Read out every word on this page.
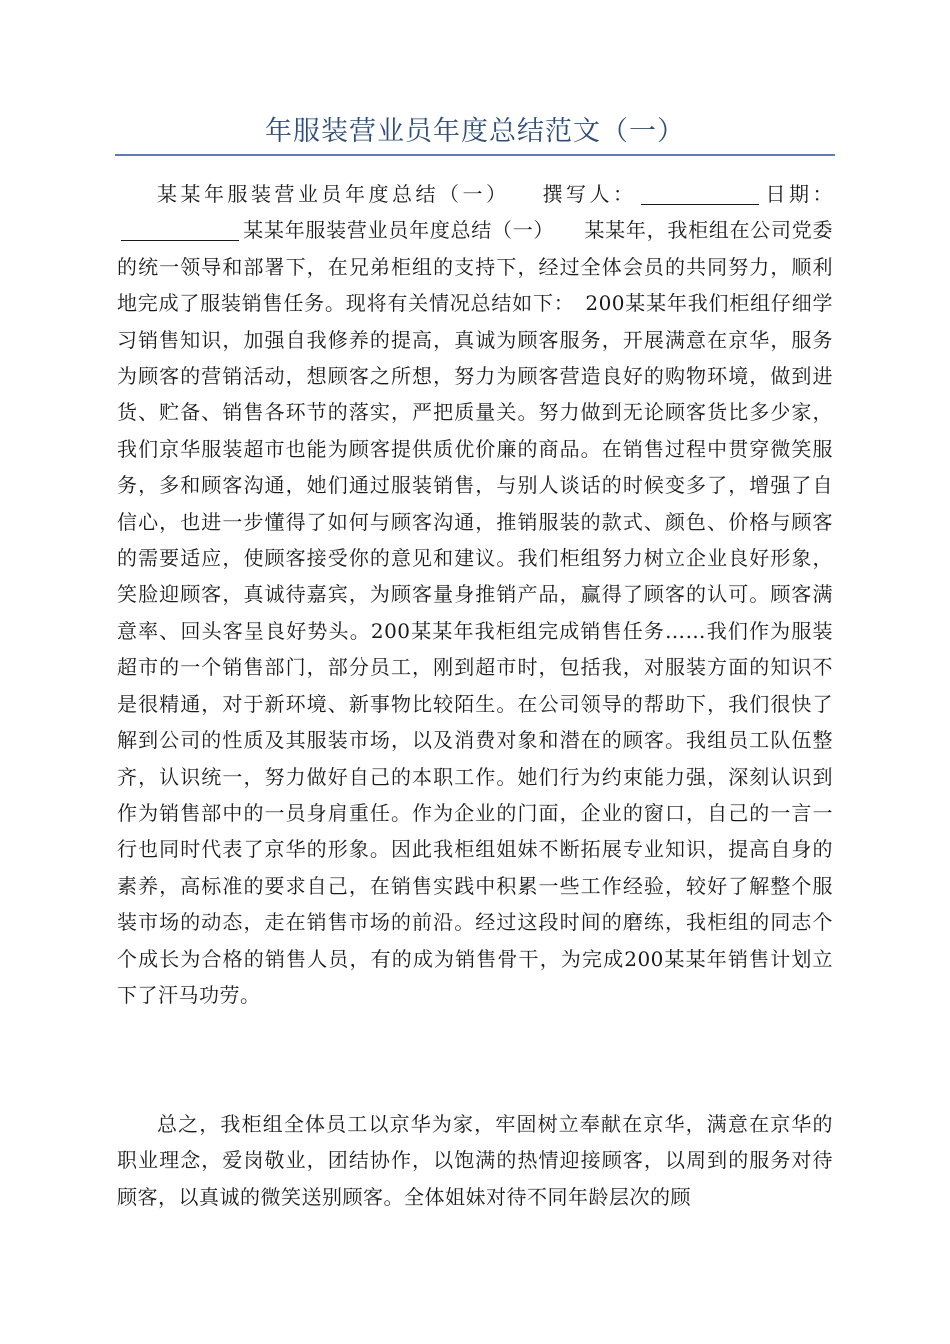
年服装营业员年度总结范文（一）

某某年服装营业员年度总结（一） 撰写人：	日期：某某年服装营业员年度总结（一） 某某年，我柜组在公司党委的统一领导和部署下，在兄弟柜组的支持下，经过全体会员的共同努力，顺利地完成了服装销售任务。现将有关情况总结如下：　200某某年我们柜组仔细学习销售知识，加强自我修养的提高，真诚为顾客服务，开展满意在京华，服务为顾客的营销活动，想顾客之所想，努力为顾客营造良好的购物环境，做到进货、贮备、销售各环节的落实，严把质量关。努力做到无论顾客货比多少家，我们京华服装超市也能为顾客提供质优价廉的商品。在销售过程中贯穿微笑服务，多和顾客沟通，她们通过服装销售，与别人谈话的时候变多了，增强了自信心，也进一步懂得了如何与顾客沟通，推销服装的款式、颜色、价格与顾客的需要适应，使顾客接受你的意见和建议。我们柜组努力树立企业良好形象，笑脸迎顾客，真诚待嘉宾，为顾客量身推销产品，赢得了顾客的认可。顾客满意率、回头客呈良好势头。200某某年我柜组完成销售任务……我们作为服装超市的一个销售部门，部分员工，刚到超市时，包括我，对服装方面的知识不是很精通，对于新环境、新事物比较陌生。在公司领导的帮助下，我们很快了解到公司的性质及其服装市场，以及消费对象和潜在的顾客。我组员工队伍整齐，认识统一，努力做好自己的本职工作。她们行为约束能力强，深刻认识到作为销售部中的一员身肩重任。作为企业的门面，企业的窗口，自己的一言一行也同时代表了京华的形象。因此我柜组姐妹不断拓展专业知识，提高自身的素养，高标准的要求自己，在销售实践中积累一些工作经验，较好了解整个服装市场的动态，走在销售市场的前沿。经过这段时间的磨练，我柜组的同志个个成长为合格的销售人员，有的成为销售骨干，为完成200某某年销售计划立下了汗马功劳。

总之，我柜组全体员工以京华为家，牢固树立奉献在京华，满意在京华的职业理念，爱岗敬业，团结协作，以饱满的热情迎接顾客，以周到的服务对待顾客，以真诚的微笑送别顾客。全体姐妹对待不同年龄层次的顾
